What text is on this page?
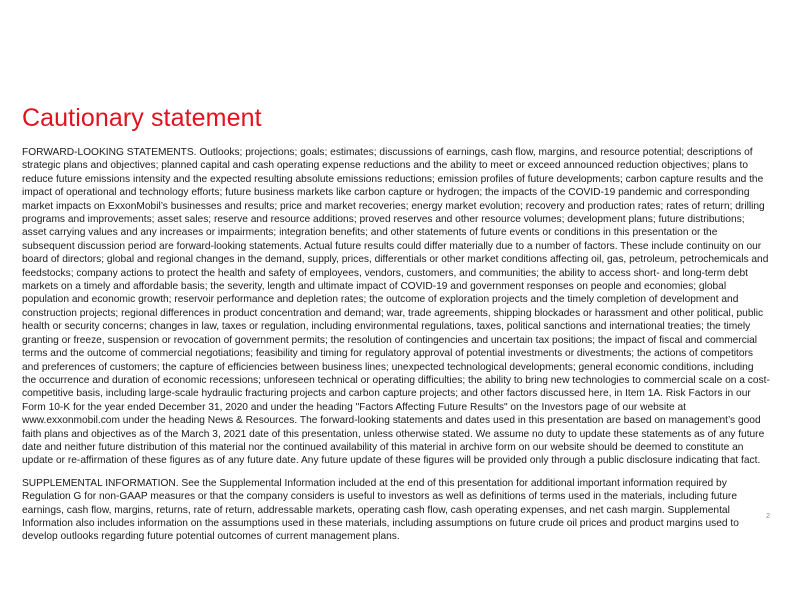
Cautionary statement

FORWARD-LOOKING STATEMENTS. Outlooks; projections; goals; estimates; discussions of earnings, cash flow, margins, and resource potential; descriptions of strategic plans and objectives; planned capital and cash operating expense reductions and the ability to meet or exceed announced reduction objectives; plans to reduce future emissions intensity and the expected resulting absolute emissions reductions; emission profiles of future developments; carbon capture results and the impact of operational and technology efforts; future business markets like carbon capture or hydrogen; the impacts of the COVID-19 pandemic and corresponding market impacts on ExxonMobil’s businesses and results; price and market recoveries; energy market evolution; recovery and production rates; rates of return; drilling programs and improvements; asset sales; reserve and resource additions; proved reserves and other resource volumes; development plans; future distributions; asset carrying values and any increases or impairments; integration benefits; and other statements of future events or conditions in this presentation or the subsequent discussion period are forward-looking statements. Actual future results could differ materially due to a number of factors. These include continuity on our board of directors; global and regional changes in the demand, supply, prices, differentials or other market conditions affecting oil, gas, petroleum, petrochemicals and feedstocks; company actions to protect the health and safety of employees, vendors, customers, and communities; the ability to access short- and long-term debt markets on a timely and affordable basis; the severity, length and ultimate impact of COVID-19 and government responses on people and economies; global population and economic growth; reservoir performance and depletion rates; the outcome of exploration projects and the timely completion of development and construction projects; regional differences in product concentration and demand; war, trade agreements, shipping blockades or harassment and other political, public health or security concerns; changes in law, taxes or regulation, including environmental regulations, taxes, political sanctions and international treaties; the timely granting or freeze, suspension or revocation of government permits; the resolution of contingencies and uncertain tax positions; the impact of fiscal and commercial terms and the outcome of commercial negotiations; feasibility and timing for regulatory approval of potential investments or divestments; the actions of competitors and preferences of customers; the capture of efficiencies between business lines; unexpected technological developments; general economic conditions, including the occurrence and duration of economic recessions; unforeseen technical or operating difficulties; the ability to bring new technologies to commercial scale on a cost-competitive basis, including large-scale hydraulic fracturing projects and carbon capture projects; and other factors discussed here, in Item 1A. Risk Factors in our Form 10-K for the year ended December 31, 2020 and under the heading "Factors Affecting Future Results" on the Investors page of our website at www.exxonmobil.com under the heading News & Resources. The forward-looking statements and dates used in this presentation are based on management’s good faith plans and objectives as of the March 3, 2021 date of this presentation, unless otherwise stated. We assume no duty to update these statements as of any future date and neither future distribution of this material nor the continued availability of this material in archive form on our website should be deemed to constitute an update or re-affirmation of these figures as of any future date. Any future update of these figures will be provided only through a public disclosure indicating that fact.

SUPPLEMENTAL INFORMATION. See the Supplemental Information included at the end of this presentation for additional important information required by Regulation G for non-GAAP measures or that the company considers is useful to investors as well as definitions of terms used in the materials, including future earnings, cash flow, margins, returns, rate of return, addressable markets, operating cash flow, cash operating expenses, and net cash margin. Supplemental Information also includes information on the assumptions used in these materials, including assumptions on future crude oil prices and product margins used to develop outlooks regarding future potential outcomes of current management plans.

2
